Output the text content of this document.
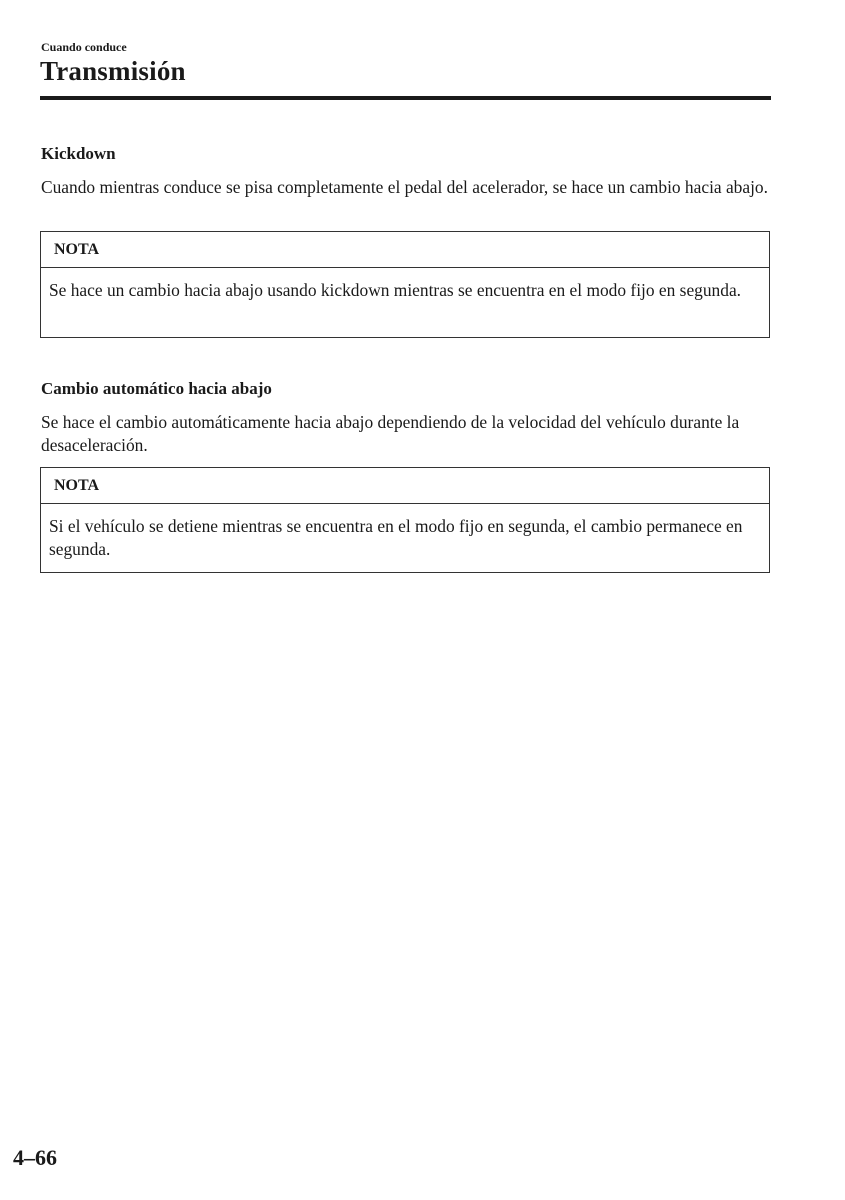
Cuando conduce
Transmisión
Kickdown
Cuando mientras conduce se pisa completamente el pedal del acelerador, se hace un cambio hacia abajo.
NOTA
Se hace un cambio hacia abajo usando kickdown mientras se encuentra en el modo fijo en segunda.
Cambio automático hacia abajo
Se hace el cambio automáticamente hacia abajo dependiendo de la velocidad del vehículo durante la desaceleración.
NOTA
Si el vehículo se detiene mientras se encuentra en el modo fijo en segunda, el cambio permanece en segunda.
4–66
